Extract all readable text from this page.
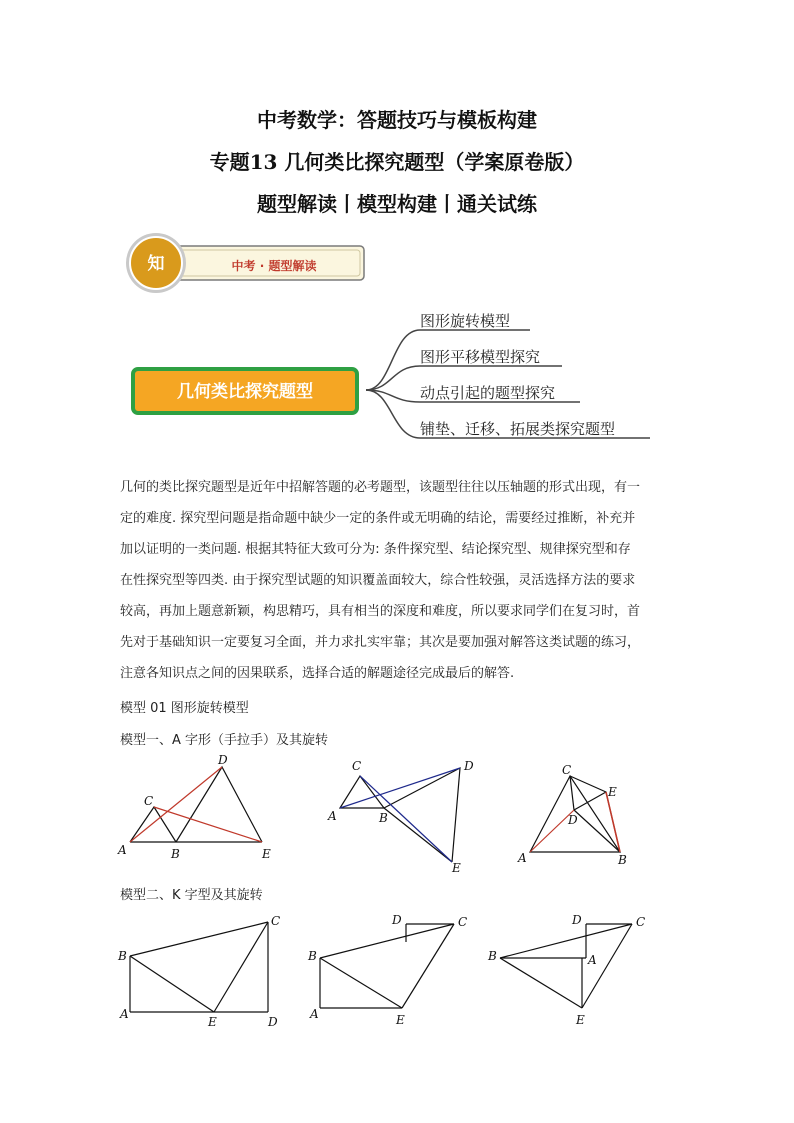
中考数学：答题技巧与模板构建
专题13 几何类比探究题型（学案原卷版）
题型解读丨模型构建丨通关试练
知	中考 · 题型解读
几何类比探究题型
图形旋转模型
图形平移模型探究
动点引起的题型探究
铺垫、迁移、拓展类探究题型

几何的类比探究题型是近年中招解答题的必考题型，该题型往往以压轴题的形式出现，有一

定的难度. 探究型问题是指命题中缺少一定的条件或无明确的结论，需要经过推断，补充并

加以证明的一类问题. 根据其特征大致可分为: 条件探究型、结论探究型、规律探究型和存

在性探究型等四类. 由于探究型试题的知识覆盖面较大，综合性较强，灵活选择方法的要求

较高，再加上题意新颖，构思精巧，具有相当的深度和难度，所以要求同学们在复习时，首

先对于基础知识一定要复习全面，并力求扎实牢靠；其次是要加强对解答这类试题的练习，

注意各知识点之间的因果联系，选择合适的解题途径完成最后的解答.

模型 01 图形旋转模型
模型一、A 字形（手拉手）及其旋转
D
C
A	B	E
C	D
A	B
E
C
E
D
A	B
模型二、K 字型及其旋转
C
B
A
E	D
D	C
B
A	E
D	C
B	A
E
